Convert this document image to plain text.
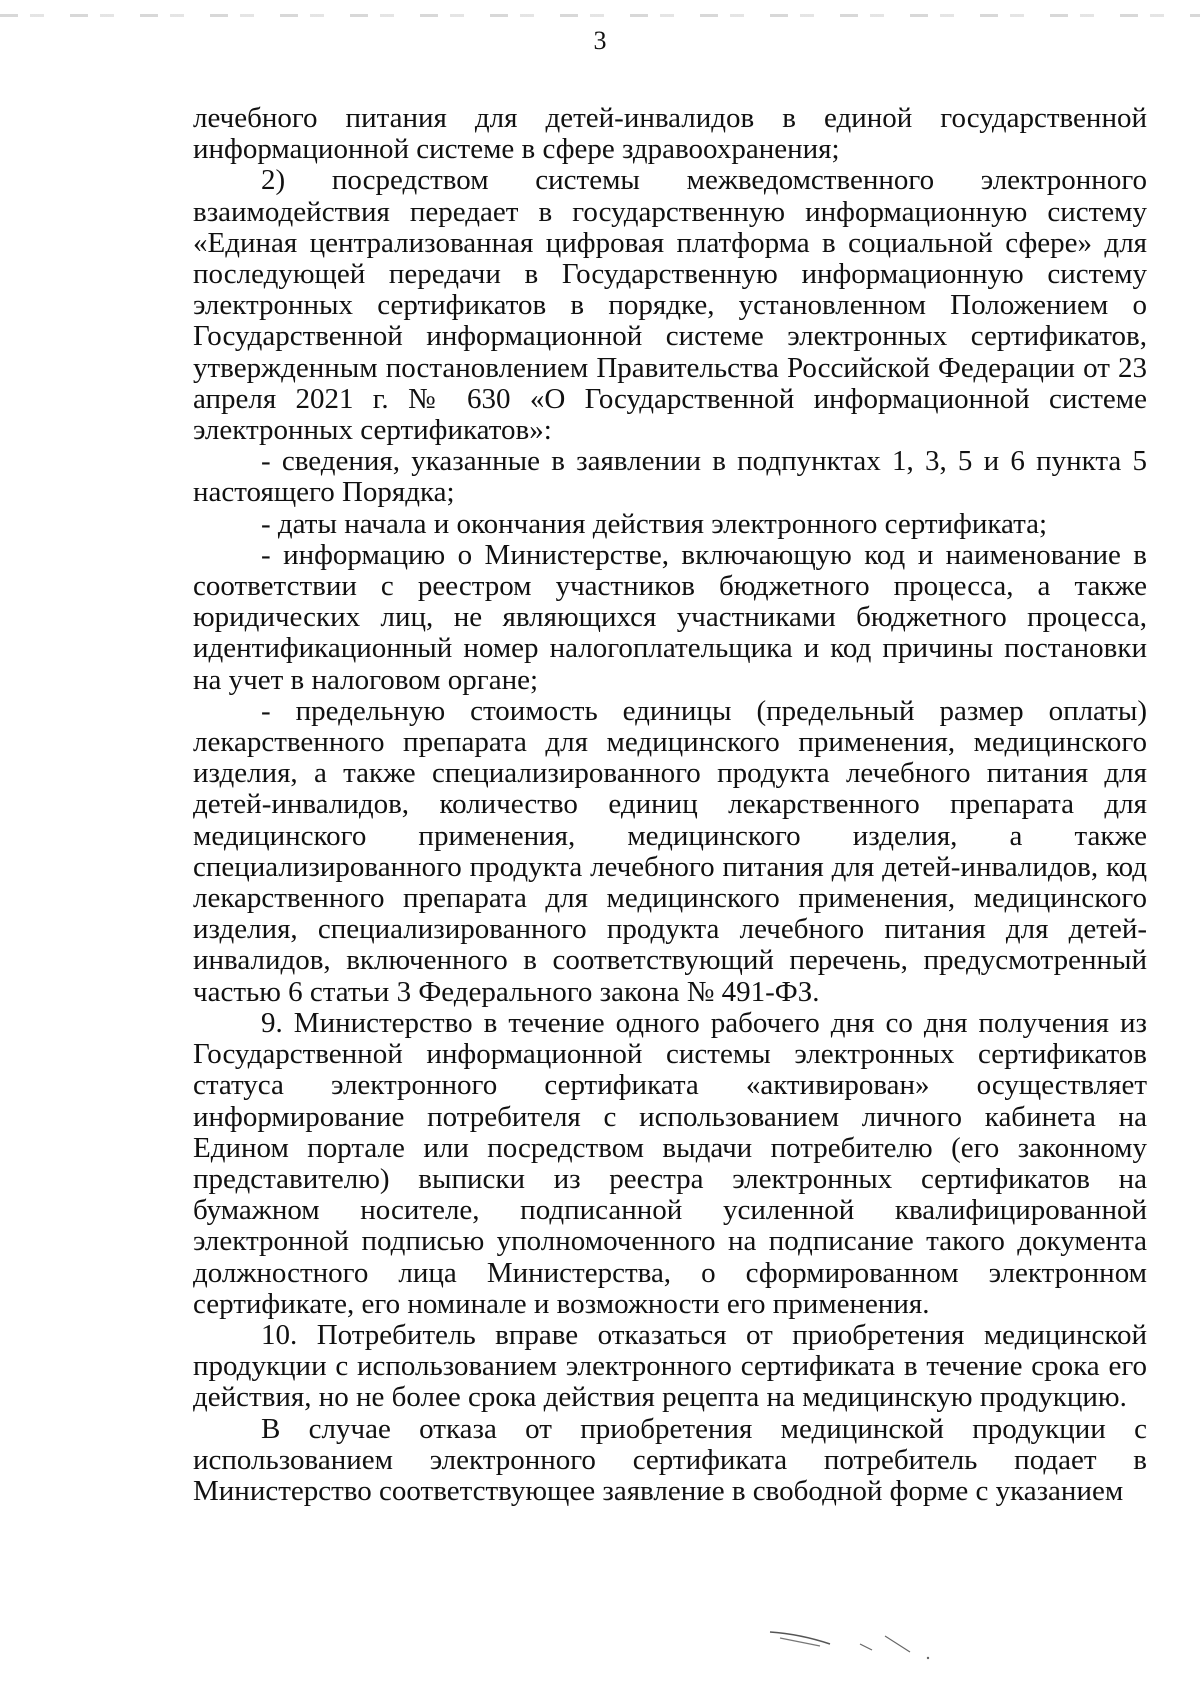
3

лечебного питания для детей-инвалидов в единой государственной информационной системе в сфере здравоохранения;

2) посредством системы межведомственного электронного взаимодействия передает в государственную информационную систему «Единая централизованная цифровая платформа в социальной сфере» для последующей передачи в Государственную информационную систему электронных сертификатов в порядке, установленном Положением о Государственной информационной системе электронных сертификатов, утвержденным постановлением Правительства Российской Федерации от 23 апреля 2021 г. № 630 «О Государственной информационной системе электронных сертификатов»:

- сведения, указанные в заявлении в подпунктах 1, 3, 5 и 6 пункта 5 настоящего Порядка;

- даты начала и окончания действия электронного сертификата;

- информацию о Министерстве, включающую код и наименование в соответствии с реестром участников бюджетного процесса, а также юридических лиц, не являющихся участниками бюджетного процесса, идентификационный номер налогоплательщика и код причины постановки на учет в налоговом органе;

- предельную стоимость единицы (предельный размер оплаты) лекарственного препарата для медицинского применения, медицинского изделия, а также специализированного продукта лечебного питания для детей-инвалидов, количество единиц лекарственного препарата для медицинского применения, медицинского изделия, а также специализированного продукта лечебного питания для детей-инвалидов, код лекарственного препарата для медицинского применения, медицинского изделия, специализированного продукта лечебного питания для детей-инвалидов, включенного в соответствующий перечень, предусмотренный частью 6 статьи 3 Федерального закона № 491-ФЗ.

9. Министерство в течение одного рабочего дня со дня получения из Государственной информационной системы электронных сертификатов статуса электронного сертификата «активирован» осуществляет информирование потребителя с использованием личного кабинета на Едином портале или посредством выдачи потребителю (его законному представителю) выписки из реестра электронных сертификатов на бумажном носителе, подписанной усиленной квалифицированной электронной подписью уполномоченного на подписание такого документа должностного лица Министерства, о сформированном электронном сертификате, его номинале и возможности его применения.

10. Потребитель вправе отказаться от приобретения медицинской продукции с использованием электронного сертификата в течение срока его действия, но не более срока действия рецепта на медицинскую продукцию.

В случае отказа от приобретения медицинской продукции с использованием электронного сертификата потребитель подает в Министерство соответствующее заявление в свободной форме с указанием
